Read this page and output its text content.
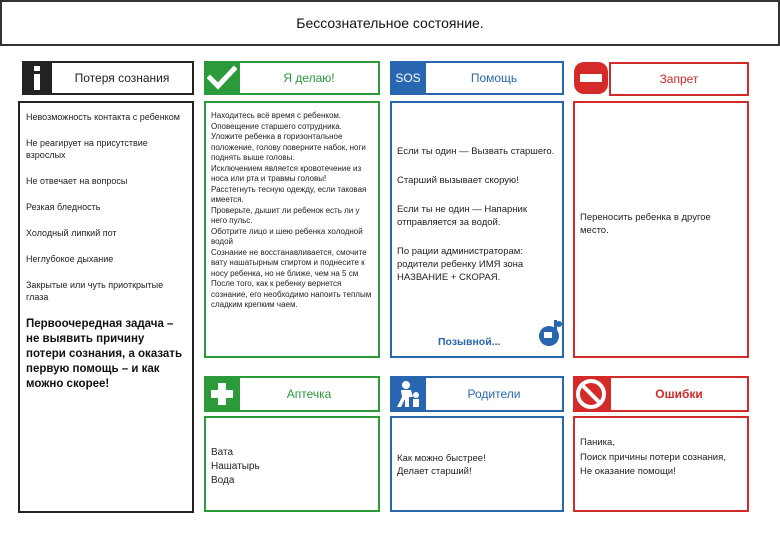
Бессознательное состояние.
Потеря сознания
Невозможность контакта с ребенком
Не реагирует на присутствие взрослых
Не отвечает на вопросы
Резкая бледность
Холодный липкий пот
Неглубокое дыхание
Закрытые или чуть приоткрытые глаза
Первоочередная задача – не выявить причину потери сознания, а оказать первую помощь – и как можно скорее!
Я делаю!
Находитесь всё время с ребенком.
Оповещение старшего сотрудника.
Уложите ребенка в горизонтальное положение, голову поверните набок, ноги поднять выше головы.
Исключением является кровотечение из носа или рта и травмы головы!
Расстегнуть тесную одежду, если таковая имеется.
Проверьте, дышит ли ребенок есть ли у него пульс.
Оботрите лицо и шею ребенка холодной водой
Сознание не восстанавливается, смочите вату нашатырным спиртом и поднесите к носу ребенка, но не ближе, чем на 5 см
После того, как к ребенку вернется сознание, его необходимо напоить теплым сладким крепким чаем.
Аптечка
Вата
Нашатырь
Вода
SOS	Помощь
Если ты один — Вызвать старшего.
Старший вызывает скорую!
Если ты не один — Напарник отправляется за водой.
По рации администраторам: родители ребенку ИМЯ зона НАЗВАНИЕ + СКОРАЯ.
Позывной...
Родители
Как можно быстрее!
Делает старший!
Запрет
Переносить ребенка в другое место.
Ошибки
Паника,
Поиск причины потери сознания,
Не оказание помощи!
